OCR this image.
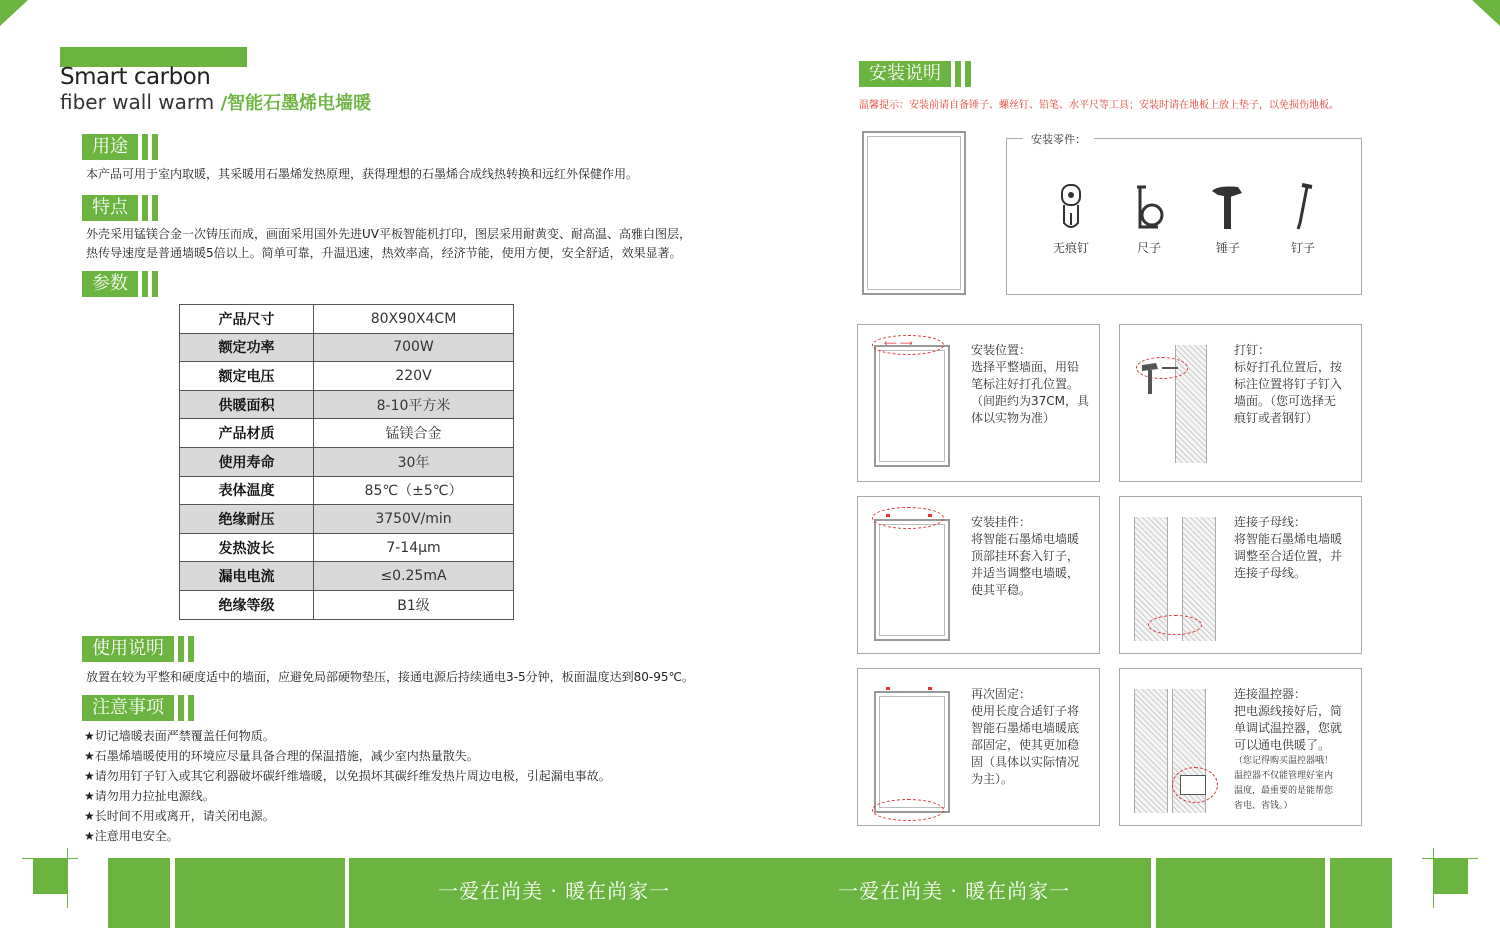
Smart carbon
fiber wall warm /智能石墨烯电墙暖
用途
本产品可用于室内取暖，其采暖用石墨烯发热原理，获得理想的石墨烯合成线热转换和远红外保健作用。
特点
外壳采用锰镁合金一次铸压而成，画面采用国外先进UV平板智能机打印，图层采用耐黄变、耐高温、高雅白图层，
热传导速度是普通墙暖5倍以上。简单可靠，升温迅速，热效率高，经济节能，使用方便，安全舒适，效果显著。
参数
产品尺寸	80X90X4CM
额定功率	700W
额定电压	220V
供暖面积	8-10平方米
产品材质	锰镁合金
使用寿命	30年
表体温度	85℃（±5℃）
绝缘耐压	3750V/min
发热波长	7-14μm
漏电电流	≤0.25mA
绝缘等级	B1级
使用说明
放置在较为平整和硬度适中的墙面，应避免局部硬物垫压，接通电源后持续通电3-5分钟，板面温度达到80-95℃。
注意事项
★切记墙暖表面严禁覆盖任何物质。
★石墨烯墙暖使用的环境应尽量具备合理的保温措施，减少室内热量散失。
★请勿用钉子钉入或其它利器破坏碳纤维墙暖，以免损坏其碳纤维发热片周边电极，引起漏电事故。
★请勿用力拉扯电源线。
★长时间不用或离开，请关闭电源。
★注意用电安全。
安装说明
温馨提示：安装前请自备锤子、螺丝钉、铅笔、水平尺等工具；安装时请在地板上放上垫子，以免损伤地板。
安装零件：
无痕钉	尺子	锤子	钉子
⟵ ⟶	安装位置：
选择平整墙面，用铅
笔标注好打孔位置。
（间距约为37CM，具
体以实物为准）
打钉：
标好打孔位置后，按
标注位置将钉子钉入
墙面。（您可选择无
痕钉或者钢钉）
安装挂件：
将智能石墨烯电墙暖
顶部挂环套入钉子，
并适当调整电墙暖，
使其平稳。
连接子母线：
将智能石墨烯电墙暖
调整至合适位置，并
连接子母线。
再次固定：
使用长度合适钉子将
智能石墨烯电墙暖底
部固定，使其更加稳
固（具体以实际情况
为主）。
连接温控器：
把电源线接好后，简
单调试温控器，您就
可以通电供暖了。
（您记得购买温控器哦！
温控器不仅能管理好室内
温度，最重要的是能帮您
省电、省钱。）
一爱在尚美 · 暖在尚家一	一爱在尚美 · 暖在尚家一
